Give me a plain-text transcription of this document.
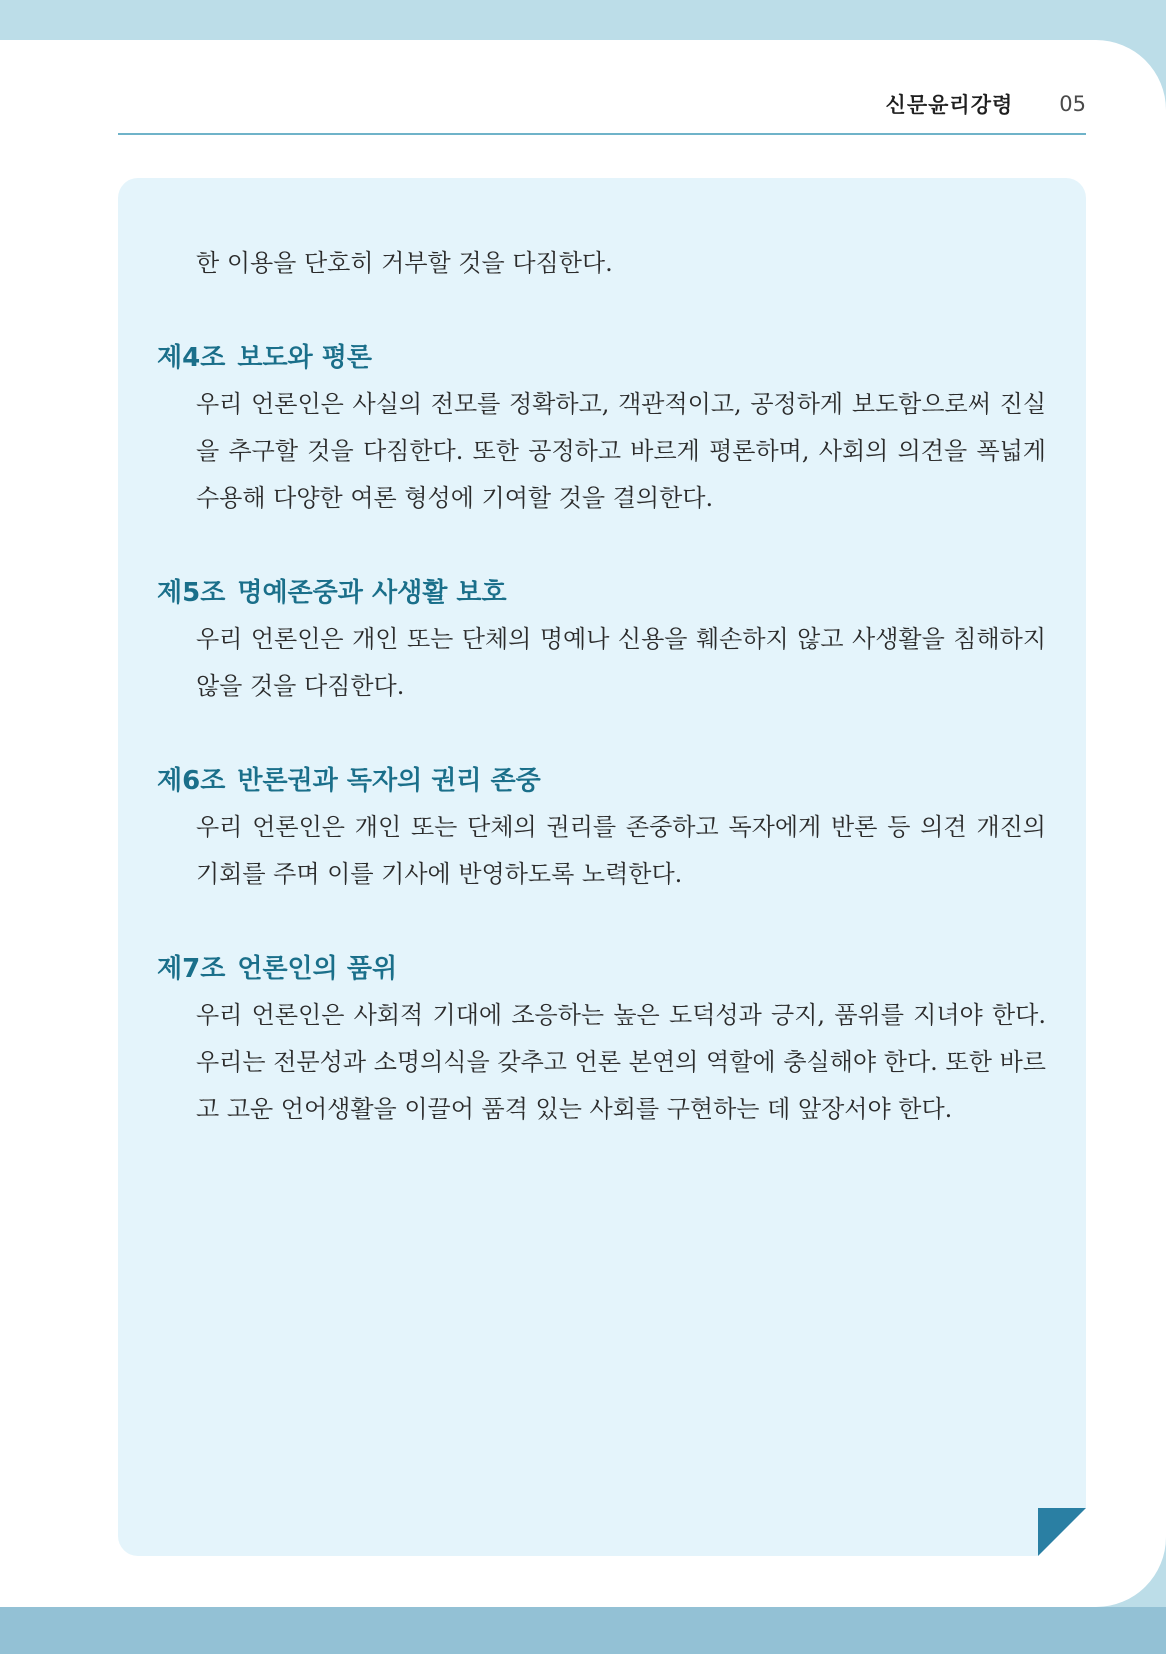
신문윤리강령 05
한 이용을 단호히 거부할 것을 다짐한다.
제4조 보도와 평론
우리 언론인은 사실의 전모를 정확하고, 객관적이고, 공정하게 보도함으로써 진실을 추구할 것을 다짐한다. 또한 공정하고 바르게 평론하며, 사회의 의견을 폭넓게 수용해 다양한 여론 형성에 기여할 것을 결의한다.
제5조 명예존중과 사생활 보호
우리 언론인은 개인 또는 단체의 명예나 신용을 훼손하지 않고 사생활을 침해하지 않을 것을 다짐한다.
제6조 반론권과 독자의 권리 존중
우리 언론인은 개인 또는 단체의 권리를 존중하고 독자에게 반론 등 의견 개진의 기회를 주며 이를 기사에 반영하도록 노력한다.
제7조 언론인의 품위
우리 언론인은 사회적 기대에 조응하는 높은 도덕성과 긍지, 품위를 지녀야 한다. 우리는 전문성과 소명의식을 갖추고 언론 본연의 역할에 충실해야 한다. 또한 바르고 고운 언어생활을 이끌어 품격 있는 사회를 구현하는 데 앞장서야 한다.
